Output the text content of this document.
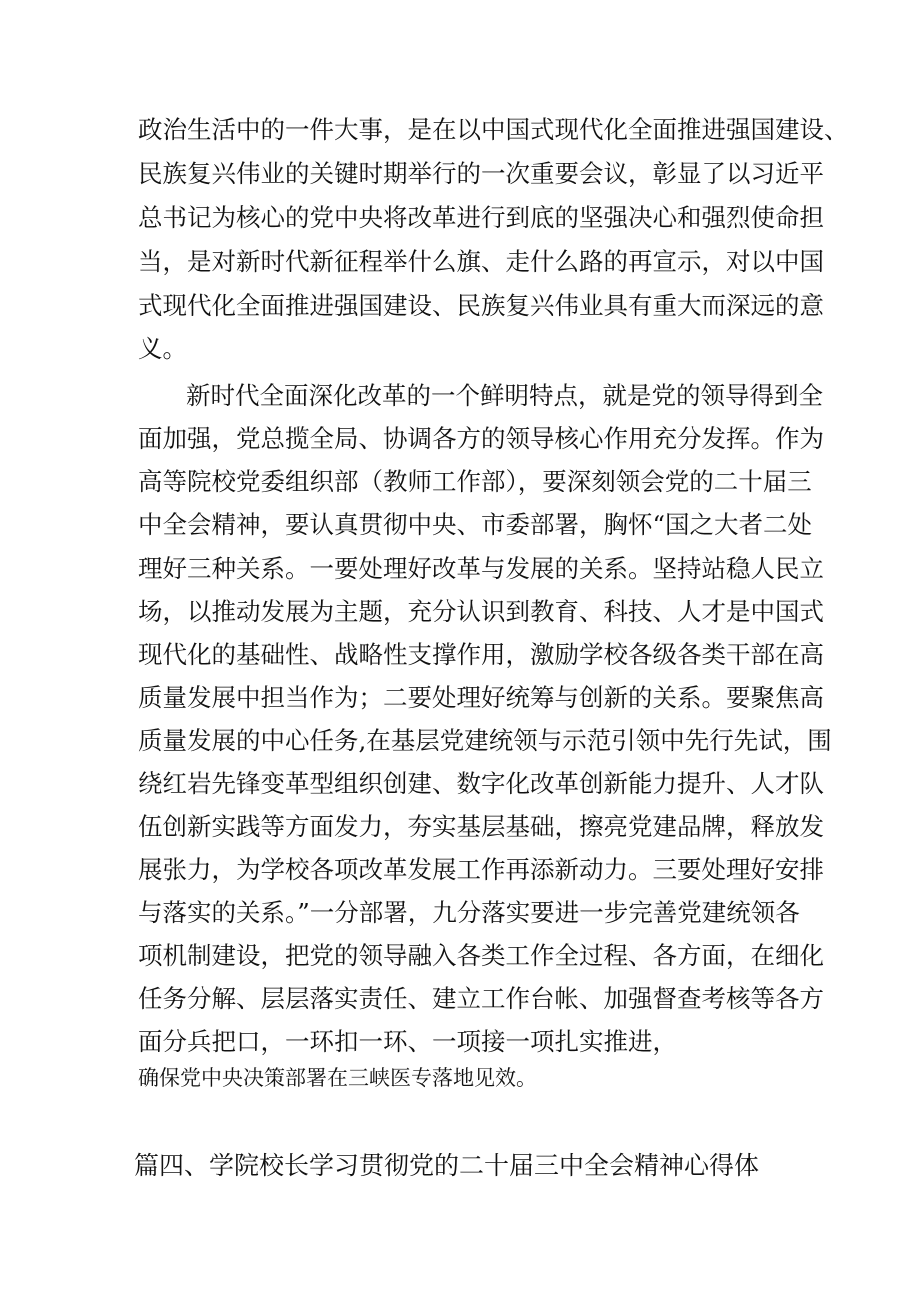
政治生活中的一件大事，是在以中国式现代化全面推进强国建设、
民族复兴伟业的关键时期举行的一次重要会议，彰显了以习近平
总书记为核心的党中央将改革进行到底的坚强决心和强烈使命担
当，是对新时代新征程举什么旗、走什么路的再宣示，对以中国
式现代化全面推进强国建设、民族复兴伟业具有重大而深远的意
义。
新时代全面深化改革的一个鲜明特点，就是党的领导得到全
面加强，党总揽全局、协调各方的领导核心作用充分发挥。作为
高等院校党委组织部（教师工作部），要深刻领会党的二十届三
中全会精神，要认真贯彻中央、市委部署，胸怀“国之大者二处
理好三种关系。一要处理好改革与发展的关系。坚持站稳人民立
场，以推动发展为主题，充分认识到教育、科技、人才是中国式
现代化的基础性、战略性支撑作用，激励学校各级各类干部在高
质量发展中担当作为；二要处理好统筹与创新的关系。要聚焦高
质量发展的中心任务,在基层党建统领与示范引领中先行先试，围
绕红岩先锋变革型组织创建、数字化改革创新能力提升、人才队
伍创新实践等方面发力，夯实基层基础，擦亮党建品牌，释放发
展张力，为学校各项改革发展工作再添新动力。三要处理好安排
与落实的关系。”一分部署，九分落实要进一步完善党建统领各
项机制建设，把党的领导融入各类工作全过程、各方面，在细化
任务分解、层层落实责任、建立工作台帐、加强督查考核等各方
面分兵把口，一环扣一环、一项接一项扎实推进，
确保党中央决策部署在三峡医专落地见效。
篇四、学院校长学习贯彻党的二十届三中全会精神心得体
